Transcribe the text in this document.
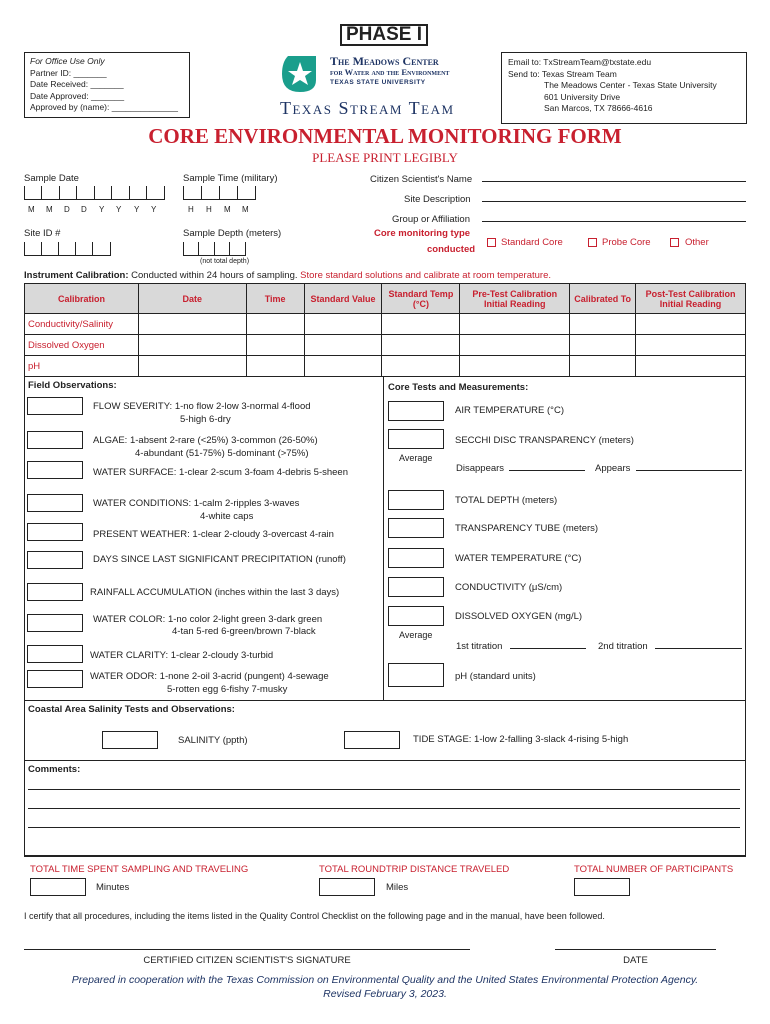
PHASE I
For Office Use Only
Partner ID: _______
Date Received: _______
Date Approved: _______
Approved by (name): ______________
The Meadows Center
for Water and the Environment
TEXAS STATE UNIVERSITY
Texas Stream Team
Email to: TxStreamTeam@txstate.edu
Send to: Texas Stream Team
The Meadows Center - Texas State University
601 University Drive
San Marcos, TX 78666-4616
CORE ENVIRONMENTAL MONITORING FORM
PLEASE PRINT LEGIBLY
Sample Date
M M D D Y Y Y Y
Sample Time (military)
H H M M
Site ID #	Sample Depth (meters)
(not total depth)
Citizen Scientist's Name
Site Description
Group or Affiliation
Core monitoring type
conducted
Standard Core	Probe Core	Other
Instrument Calibration: Conducted within 24 hours of sampling. Store standard solutions and calibrate at room temperature.
Calibration	Date	Time	Standard Value	Standard Temp (°C)	Pre-Test Calibration Initial Reading	Calibrated To	Post-Test Calibration Initial Reading
Conductivity/Salinity							
Dissolved Oxygen							
pH							
Field Observations:
FLOW SEVERITY: 1-no flow 2-low 3-normal 4-flood
5-high 6-dry
ALGAE: 1-absent 2-rare (<25%) 3-common (26-50%)
4-abundant (51-75%) 5-dominant (>75%)
WATER SURFACE: 1-clear 2-scum 3-foam 4-debris 5-sheen
WATER CONDITIONS: 1-calm 2-ripples 3-waves
4-white caps
PRESENT WEATHER: 1-clear 2-cloudy 3-overcast 4-rain
DAYS SINCE LAST SIGNIFICANT PRECIPITATION (runoff)
RAINFALL ACCUMULATION (inches within the last 3 days)
WATER COLOR: 1-no color 2-light green 3-dark green
4-tan 5-red 6-green/brown 7-black
WATER CLARITY: 1-clear 2-cloudy 3-turbid
WATER ODOR: 1-none 2-oil 3-acrid (pungent) 4-sewage
5-rotten egg 6-fishy 7-musky
Core Tests and Measurements:
AIR TEMPERATURE (°C)
SECCHI DISC TRANSPARENCY (meters)
Average
Disappears	Appears
TOTAL DEPTH (meters)
TRANSPARENCY TUBE (meters)
WATER TEMPERATURE (°C)
CONDUCTIVITY (μS/cm)
DISSOLVED OXYGEN (mg/L)
Average
1st titration	2nd titration
pH (standard units)
Coastal Area Salinity Tests and Observations:
SALINITY (ppth)	TIDE STAGE: 1-low 2-falling 3-slack 4-rising 5-high
Comments:
TOTAL TIME SPENT SAMPLING AND TRAVELING
Minutes
TOTAL ROUNDTRIP DISTANCE TRAVELED
Miles
TOTAL NUMBER OF PARTICIPANTS
I certify that all procedures, including the items listed in the Quality Control Checklist on the following page and in the manual, have been followed.
CERTIFIED CITIZEN SCIENTIST'S SIGNATURE	DATE
Prepared in cooperation with the Texas Commission on Environmental Quality and the United States Environmental Protection Agency.
Revised February 3, 2023.
